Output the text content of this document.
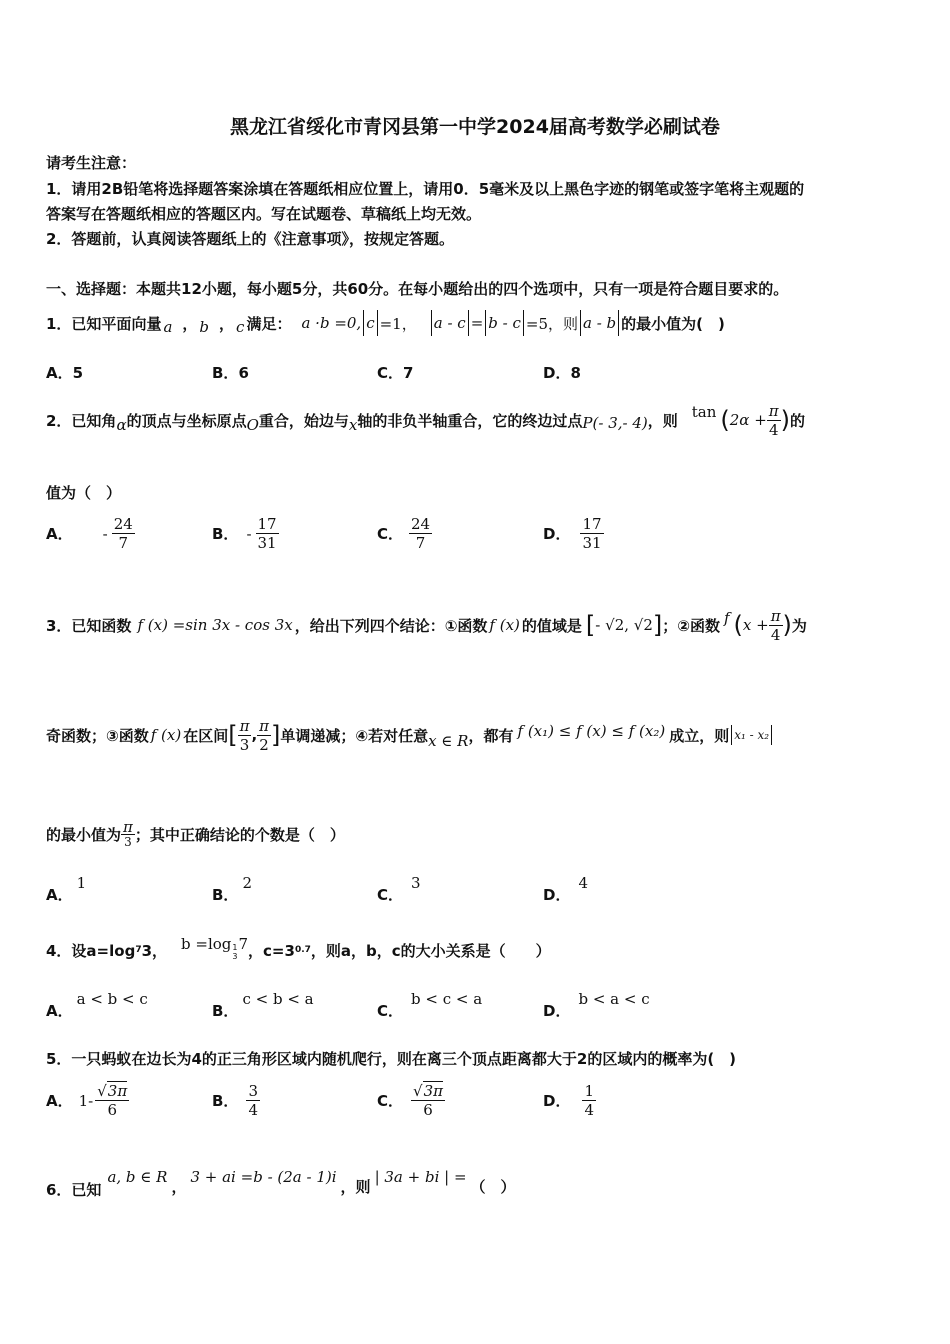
黑龙江省绥化市青冈县第一中学2024届高考数学必刷试卷
请考生注意：
1．请用2B铅笔将选择题答案涂填在答题纸相应位置上，请用0．5毫米及以上黑色字迹的钢笔或签字笔将主观题的
答案写在答题纸相应的答题区内。写在试题卷、草稿纸上均无效。
2．答题前，认真阅读答题纸上的《注意事项》，按规定答题。
一、选择题：本题共12小题，每小题5分，共60分。在每小题给出的四个选项中，只有一项是符合题目要求的。
1．已知平面向量 a ， b ， c 满足： a ·b =0, c =1， a - c = b - c =5，则 a - b 的最小值为(　)
A．5	B．6	C．7	D．8
2．已知角 α 的顶点与坐标原点 O 重合，始边与 x 轴的非负半轴重合，它的终边过点 P(- 3,- 4) ，则 tan ( $2\alpha + \frac{\pi}{4}$ ) 的
值为（　）
A． - $\frac{24}{7}$	B． - $\frac{17}{31}$	C． $\frac{24}{7}$	D． $\frac{17}{31}$
3．已知函数 f (x) =sin 3x - cos 3x ，给出下列四个结论：①函数 f (x) 的值域是 [ - √2, √2 ] ；②函数 f ( $x + \frac{\pi}{4}$ ) 为
奇函数；③函数 f (x) 在区间 [ $\frac{\pi}{3}$ , $\frac{\pi}{2}$ ] 单调递减；④若对任意 x ∈ R ，都有 f (x₁) ≤ f (x) ≤ f (x₂) 成立，则 x₁ - x₂
的最小值为 $\frac{\pi}{3}$ ；其中正确结论的个数是（　）
A．1
B．2
C．3
D．4
4．设a=log 7 3， b =log 1
3
7 ，c=3 0.7 ，则a，b，c的大小关系是（　　）
A．a < b < c
B．c < b < a
C．b < c < a
D．b < a < c
5．一只蚂蚁在边长为4的正三角形区域内随机爬行，则在离三个顶点距离都大于2的区域内的概率为(　)
A． $1- \frac{√3\pi}{6}$	B． $\frac{3}{4}$	C． $\frac{√3\pi}{6}$	D． $\frac{1}{4}$
6．已知
a, b ∈ R
，
3 + ai =b - (2a - 1)i
，则
| 3a + bi | =
（　）
